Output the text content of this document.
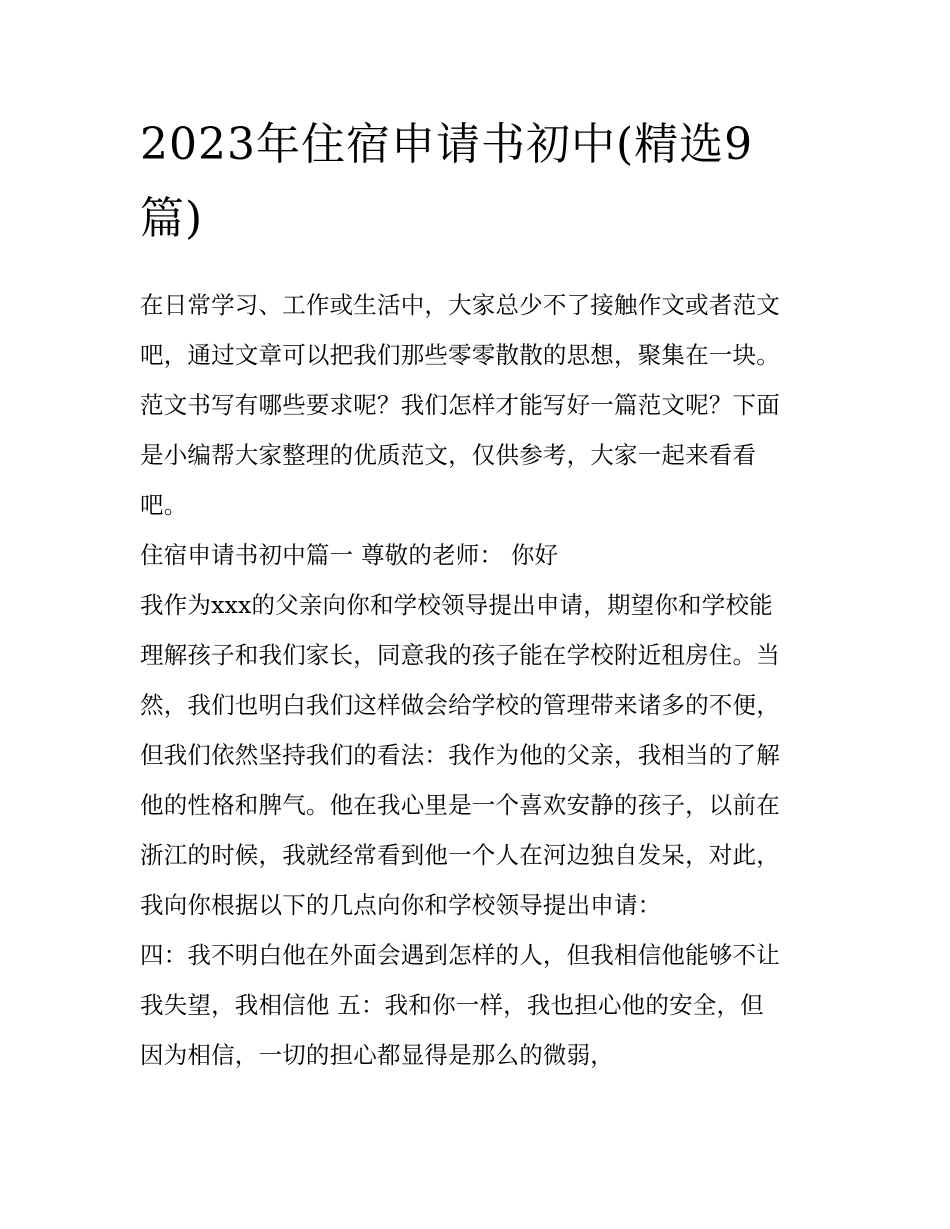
2023年住宿申请书初中(精选9
篇)

在日常学习、工作或生活中，大家总少不了接触作文或者范文
吧，通过文章可以把我们那些零零散散的思想，聚集在一块。
范文书写有哪些要求呢？我们怎样才能写好一篇范文呢？下面
是小编帮大家整理的优质范文，仅供参考，大家一起来看看
吧。

住宿申请书初中篇一 尊敬的老师： 你好

我作为xxx的父亲向你和学校领导提出申请，期望你和学校能
理解孩子和我们家长，同意我的孩子能在学校附近租房住。当
然，我们也明白我们这样做会给学校的管理带来诸多的不便，
但我们依然坚持我们的看法：我作为他的父亲，我相当的了解
他的性格和脾气。他在我心里是一个喜欢安静的孩子，以前在
浙江的时候，我就经常看到他一个人在河边独自发呆，对此，
我向你根据以下的几点向你和学校领导提出申请：

四：我不明白他在外面会遇到怎样的人，但我相信他能够不让
我失望，我相信他 五：我和你一样，我也担心他的安全，但
因为相信，一切的担心都显得是那么的微弱，
